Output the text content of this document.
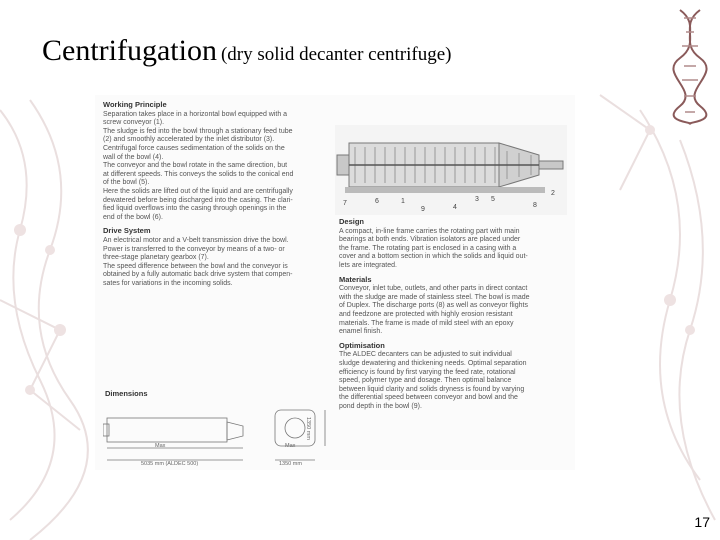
Centrifugation (dry solid decanter centrifuge)
Working Principle
Separation takes place in a horizontal bowl equipped with a
screw conveyor (1).
The sludge is fed into the bowl through a stationary feed tube
(2) and smoothly accelerated by the inlet distributor (3).
Centrifugal force causes sedimentation of the solids on the
wall of the bowl (4).
The conveyor and the bowl rotate in the same direction, but
at different speeds. This conveys the solids to the conical end
of the bowl (5).
Here the solids are lifted out of the liquid and are centrifugally
dewatered before being discharged into the casing. The clari-
fied liquid overflows into the casing through openings in the
end of the bowl (6).
Drive System
An electrical motor and a V-belt transmission drive the bowl.
Power is transferred to the conveyor by means of a two- or
three-stage planetary gearbox (7).
The speed difference between the bowl and the conveyor is
obtained by a fully automatic back drive system that compen-
sates for variations in the incoming solids.
7	6	1
9	4
3 5
8
2
Design
A compact, in-line frame carries the rotating part with main
bearings at both ends. Vibration isolators are placed under
the frame. The rotating part is enclosed in a casing with a
cover and a bottom section in which the solids and liquid out-
lets are integrated.
Materials
Conveyor, inlet tube, outlets, and other parts in direct contact
with the sludge are made of stainless steel. The bowl is made
of Duplex. The discharge ports (8) as well as conveyor flights
and feedzone are protected with highly erosion resistant
materials. The frame is made of mild steel with an epoxy
enamel finish.
Optimisation
The ALDEC decanters can be adjusted to suit individual
sludge dewatering and thickening needs. Optimal separation
efficiency is found by first varying the feed rate, rotational
speed, polymer type and dosage. Then optimal balance
between liquid clarity and solids dryness is found by varying
the differential speed between conveyor and bowl and the
pond depth in the bowl (9).
Dimensions
Max	Max
5035 mm (ALDEC 500)	1350 mm
1350 mm
17
